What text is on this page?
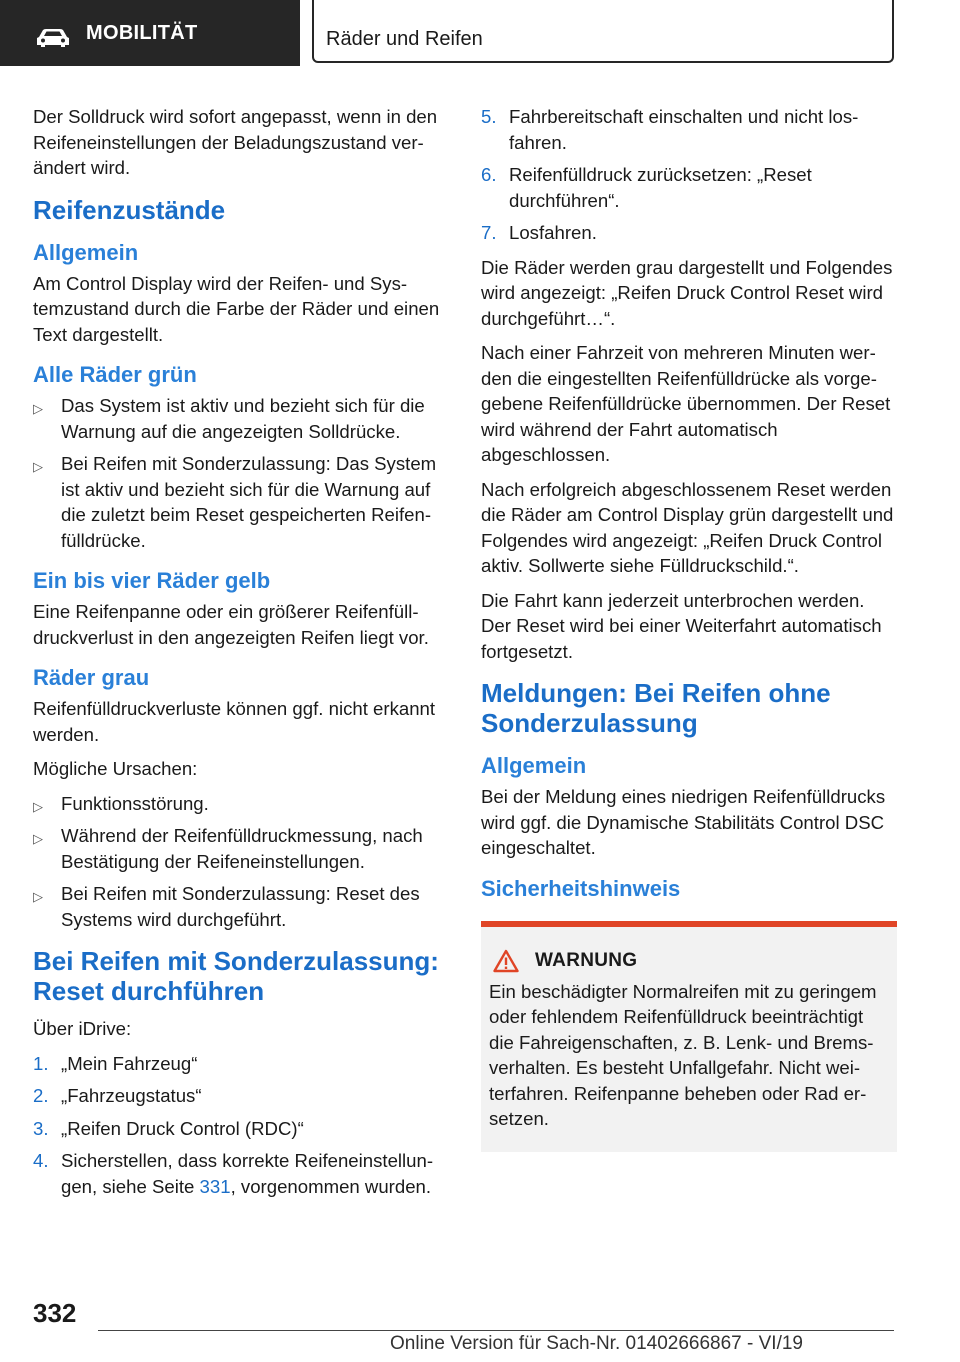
MOBILITÄT	Räder und Reifen

Der Solldruck wird sofort angepasst, wenn in den Reifeneinstellungen der Beladungszustand verändert wird.

Reifenzustände
Allgemein

Am Control Display wird der Reifen- und Systemzustand durch die Farbe der Räder und einen Text dargestellt.

Alle Räder grün
▷ Das System ist aktiv und bezieht sich für die Warnung auf die angezeigten Solldrücke.
▷ Bei Reifen mit Sonderzulassung: Das System ist aktiv und bezieht sich für die Warnung auf die zuletzt beim Reset gespeicherten Reifenfülldrücke.
Ein bis vier Räder gelb

Eine Reifenpanne oder ein größerer Reifenfülldruckverlust in den angezeigten Reifen liegt vor.

Räder grau

Reifenfülldruckverluste können ggf. nicht erkannt werden.

Mögliche Ursachen:

▷ Funktionsstörung.
▷ Während der Reifenfülldruckmessung, nach Bestätigung der Reifeneinstellungen.
▷ Bei Reifen mit Sonderzulassung: Reset des Systems wird durchgeführt.
Bei Reifen mit Sonderzulassung: Reset durchführen

Über iDrive:

1. „Mein Fahrzeug“
2. „Fahrzeugstatus“
3. „Reifen Druck Control (RDC)“
4. Sicherstellen, dass korrekte Reifeneinstellungen, siehe Seite 331, vorgenommen wurden.
5. Fahrbereitschaft einschalten und nicht losfahren.
6. Reifenfülldruck zurücksetzen: „Reset durchführen“.
7. Losfahren.

Die Räder werden grau dargestellt und Folgendes wird angezeigt: „Reifen Druck Control Reset wird durchgeführt…“.

Nach einer Fahrzeit von mehreren Minuten werden die eingestellten Reifenfülldrücke als vorgegebene Reifenfülldrücke übernommen. Der Reset wird während der Fahrt automatisch abgeschlossen.

Nach erfolgreich abgeschlossenem Reset werden die Räder am Control Display grün dargestellt und Folgendes wird angezeigt: „Reifen Druck Control aktiv. Sollwerte siehe Fülldruckschild.“.

Die Fahrt kann jederzeit unterbrochen werden. Der Reset wird bei einer Weiterfahrt automatisch fortgesetzt.

Meldungen: Bei Reifen ohne Sonderzulassung
Allgemein

Bei der Meldung eines niedrigen Reifenfülldrucks wird ggf. die Dynamische Stabilitäts Control DSC eingeschaltet.

Sicherheitshinweis
WARNUNG

Ein beschädigter Normalreifen mit zu geringem oder fehlendem Reifenfülldruck beeinträchtigt die Fahreigenschaften, z. B. Lenk- und Bremsverhalten. Es besteht Unfallgefahr. Nicht weiterfahren. Reifenpanne beheben oder Rad ersetzen.

332
Online Version für Sach-Nr. 01402666867 - VI/19
